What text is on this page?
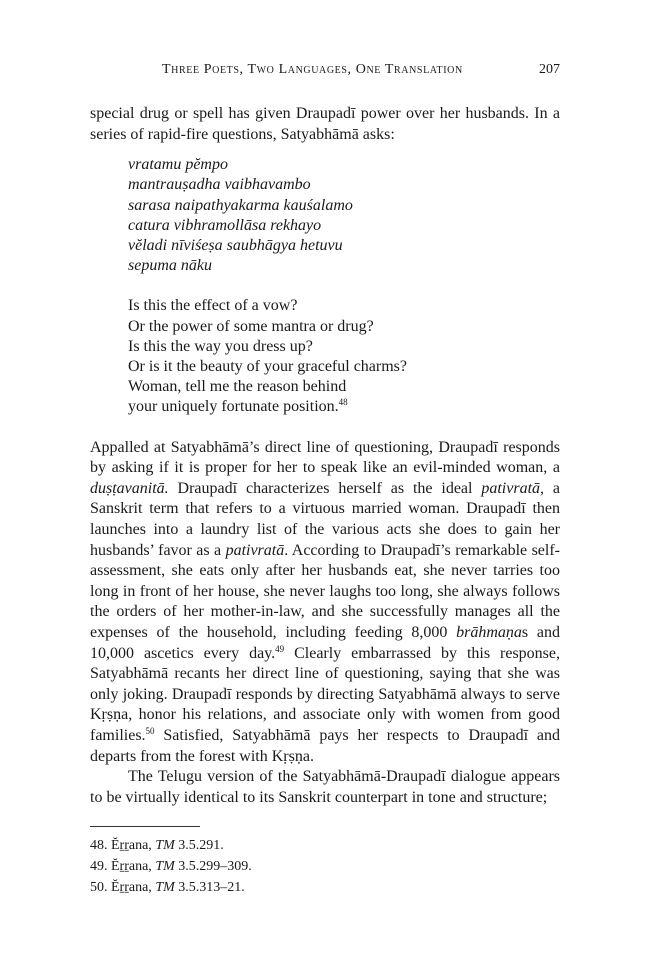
Three Poets, Two Languages, One Translation	207

special drug or spell has given Draupadī power over her husbands. In a series of rapid-fire questions, Satyabhāmā asks:

vratamu pĕmpo
mantrauṣadha vaibhavambo
sarasa naipathyakarma kauśalamo
catura vibhramollāsa rekhayo
vĕladi nīviśeṣa saubhāgya hetuvu
sepuma nāku
Is this the effect of a vow?
Or the power of some mantra or drug?
Is this the way you dress up?
Or is it the beauty of your graceful charms?
Woman, tell me the reason behind
your uniquely fortunate position.$^{48}$

Appalled at Satyabhāmā’s direct line of questioning, Draupadī responds by asking if it is proper for her to speak like an evil-minded woman, a duṣṭavanitā. Draupadī characterizes herself as the ideal pativratā, a Sanskrit term that refers to a virtuous married woman. Draupadī then launches into a laundry list of the various acts she does to gain her husbands’ favor as a pativratā. According to Draupadī’s remarkable self-assessment, she eats only after her husbands eat, she never tarries too long in front of her house, she never laughs too long, she always follows the orders of her mother-in-law, and she successfully manages all the expenses of the household, including feeding 8,000 brāhmaṇas and 10,000 ascetics every day.$^{49}$ Clearly embarrassed by this response, Satyabhāmā recants her direct line of questioning, saying that she was only joking. Draupadī responds by directing Satyabhāmā always to serve Kṛṣṇa, honor his relations, and associate only with women from good families.$^{50}$ Satisfied, Satyabhāmā pays her respects to Draupadī and departs from the forest with Kṛṣṇa.

The Telugu version of the Satyabhāmā-Draupadī dialogue appears to be virtually identical to its Sanskrit counterpart in tone and structure;

48. Ĕṟṟana, TM 3.5.291.
49. Ĕṟṟana, TM 3.5.299–309.
50. Ĕṟṟana, TM 3.5.313–21.
